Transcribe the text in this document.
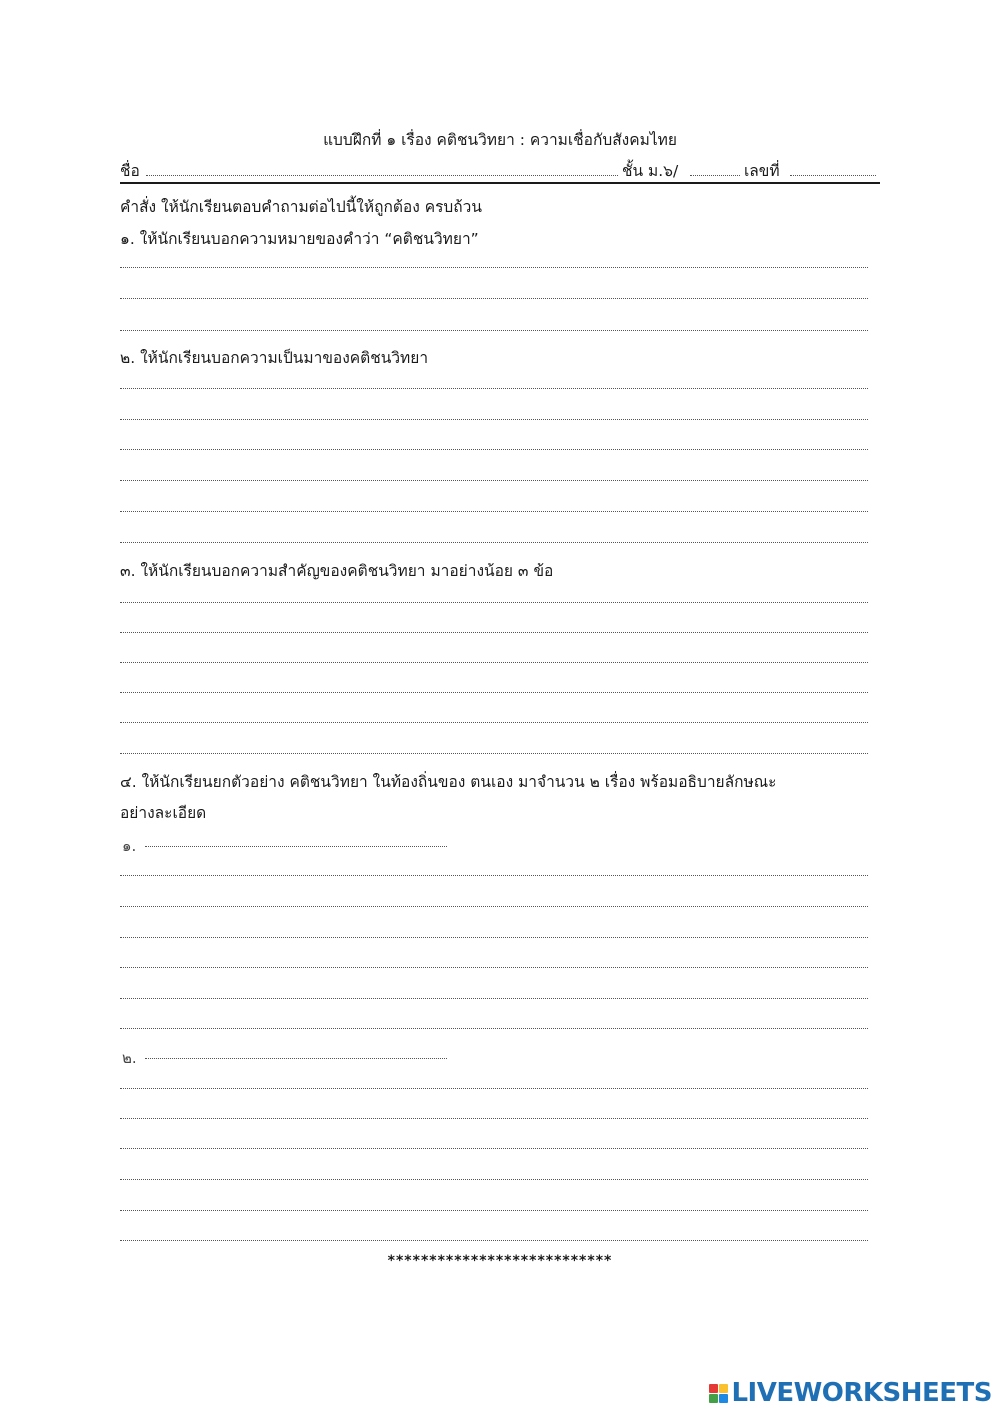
แบบฝึกที่ ๑ เรื่อง คติชนวิทยา : ความเชื่อกับสังคมไทย
ชื่อ	ชั้น ม.๖/	เลขที่
คำสั่ง ให้นักเรียนตอบคำถามต่อไปนี้ให้ถูกต้อง ครบถ้วน
๑. ให้นักเรียนบอกความหมายของคำว่า “คติชนวิทยา”
๒. ให้นักเรียนบอกความเป็นมาของคติชนวิทยา
๓. ให้นักเรียนบอกความสำคัญของคติชนวิทยา มาอย่างน้อย ๓ ข้อ
๔. ให้นักเรียนยกตัวอย่าง คติชนวิทยา ในท้องถิ่นของ ตนเอง มาจำนวน ๒ เรื่อง พร้อมอธิบายลักษณะ
อย่างละเอียด
๑.
๒.
***************************
LIVEWORKSHEETS
